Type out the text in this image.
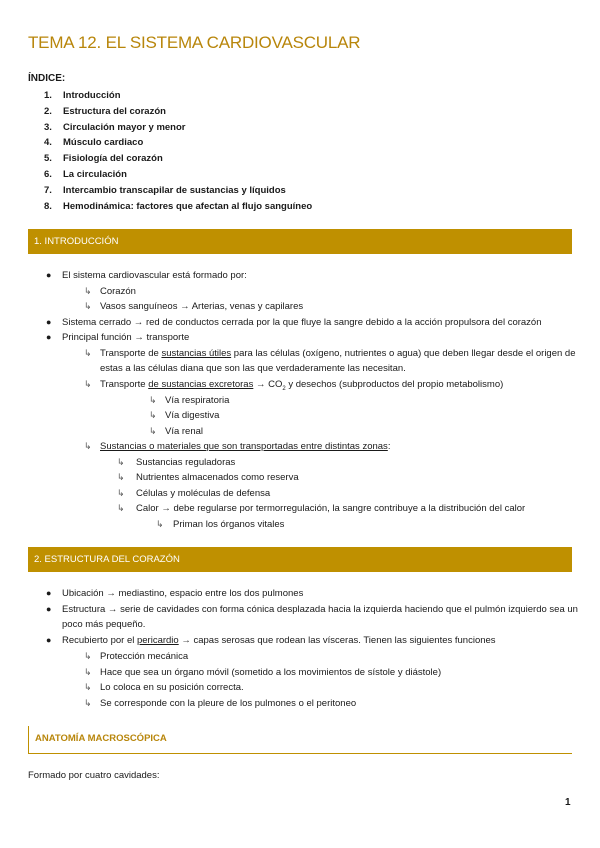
TEMA 12. EL SISTEMA CARDIOVASCULAR
ÍNDICE:
1. Introducción
2. Estructura del corazón
3. Circulación mayor y menor
4. Músculo cardiaco
5. Fisiología del corazón
6. La circulación
7. Intercambio transcapilar de sustancias y líquidos
8. Hemodinámica: factores que afectan al flujo sanguíneo
1. INTRODUCCIÓN
● El sistema cardiovascular está formado por:
↳ Corazón
↳ Vasos sanguíneos → Arterias, venas y capilares
● Sistema cerrado → red de conductos cerrada por la que fluye la sangre debido a la acción propulsora del corazón
● Principal función → transporte
↳ Transporte de sustancias útiles para las células (oxígeno, nutrientes o agua) que deben llegar desde el origen de
estas a las células diana que son las que verdaderamente las necesitan.
↳ Transporte de sustancias excretoras → $CO_2$ y desechos (subproductos del propio metabolismo)
↳ Vía respiratoria
↳ Vía digestiva
↳ Vía renal
↳ Sustancias o materiales que son transportadas entre distintas zonas:
↳ Sustancias reguladoras
↳ Nutrientes almacenados como reserva
↳ Células y moléculas de defensa
↳ Calor → debe regularse por termorregulación, la sangre contribuye a la distribución del calor
↳ Priman los órganos vitales
2. ESTRUCTURA DEL CORAZÓN
● Ubicación → mediastino, espacio entre los dos pulmones
● Estructura → serie de cavidades con forma cónica desplazada hacia la izquierda haciendo que el pulmón izquierdo sea un
poco más pequeño.
● Recubierto por el pericardio → capas serosas que rodean las vísceras. Tienen las siguientes funciones
↳ Protección mecánica
↳ Hace que sea un órgano móvil (sometido a los movimientos de sístole y diástole)
↳ Lo coloca en su posición correcta.
↳ Se corresponde con la pleure de los pulmones o el peritoneo
ANATOMÍA MACROSCÓPICA
Formado por cuatro cavidades:
1
